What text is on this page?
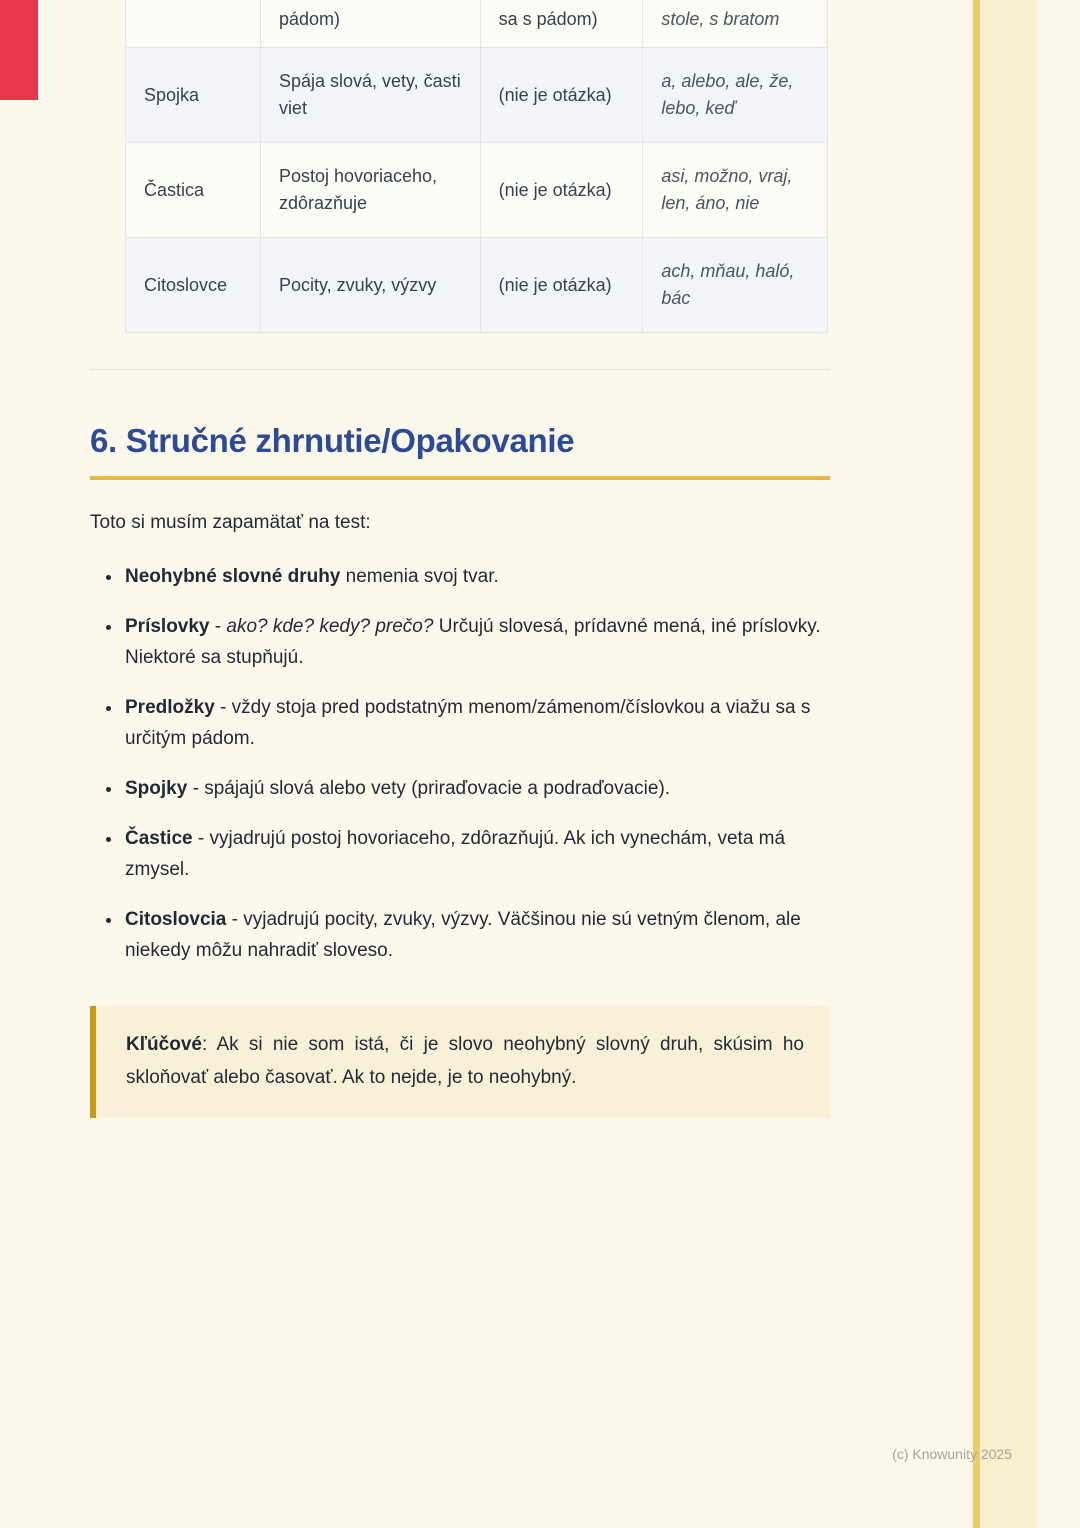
	pádom)	sa s pádom)	stole, s bratom
Spojka	Spája slová, vety, časti viet	(nie je otázka)	a, alebo, ale, že, lebo, keď
Častica	Postoj hovoriaceho, zdôrazňuje	(nie je otázka)	asi, možno, vraj, len, áno, nie
Citoslovce	Pocity, zvuky, výzvy	(nie je otázka)	ach, mňau, haló, bác
6. Stručné zhrnutie/Opakovanie

Toto si musím zapamätať na test:

• Neohybné slovné druhy nemenia svoj tvar.
• Príslovky - ako? kde? kedy? prečo? Určujú slovesá, prídavné mená, iné príslovky. Niektoré sa stupňujú.
• Predložky - vždy stoja pred podstatným menom/zámenom/číslovkou a viažu sa s určitým pádom.
• Spojky - spájajú slová alebo vety (priraďovacie a podraďovacie).
• Častice - vyjadrujú postoj hovoriaceho, zdôrazňujú. Ak ich vynechám, veta má zmysel.
• Citoslovcia - vyjadrujú pocity, zvuky, výzvy. Väčšinou nie sú vetným členom, ale niekedy môžu nahradiť sloveso.

Kľúčové: Ak si nie som istá, či je slovo neohybný slovný druh, skúsim ho skloňovať alebo časovať. Ak to nejde, je to neohybný.

(c) Knowunity 2025
